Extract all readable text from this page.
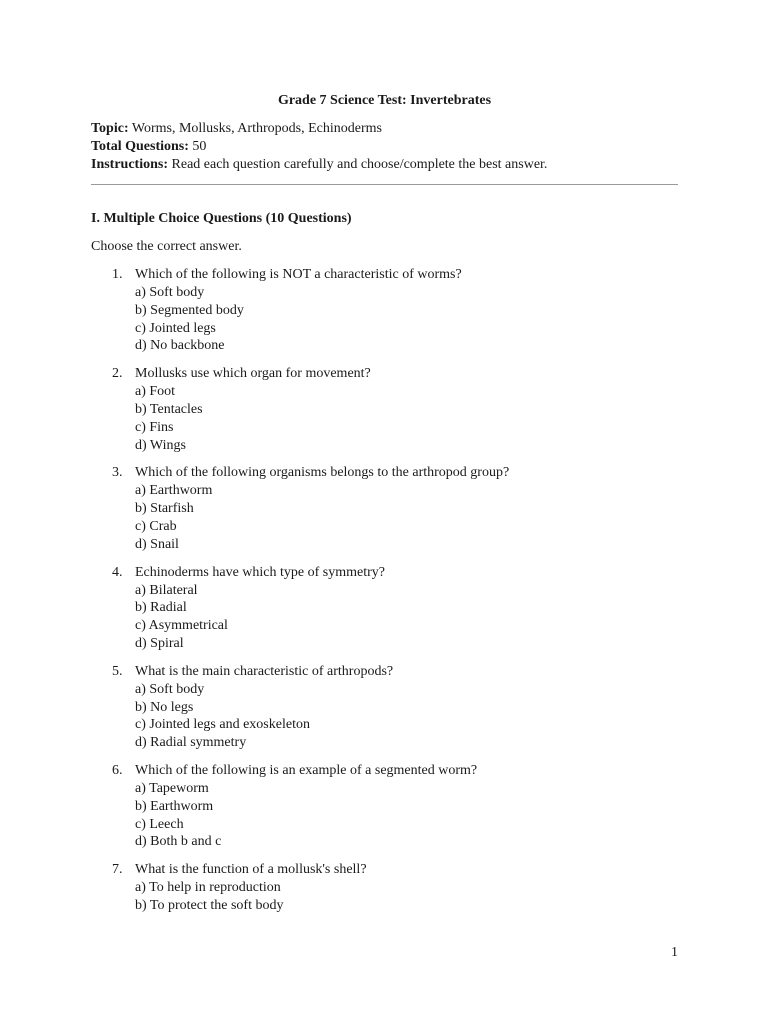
Grade 7 Science Test: Invertebrates

Topic: Worms, Mollusks, Arthropods, Echinoderms

Total Questions: 50

Instructions: Read each question carefully and choose/complete the best answer.

I. Multiple Choice Questions (10 Questions)
Choose the correct answer.
1. Which of the following is NOT a characteristic of worms?
a) Soft body
b) Segmented body
c) Jointed legs
d) No backbone
2. Mollusks use which organ for movement?
a) Foot
b) Tentacles
c) Fins
d) Wings
3. Which of the following organisms belongs to the arthropod group?
a) Earthworm
b) Starfish
c) Crab
d) Snail
4. Echinoderms have which type of symmetry?
a) Bilateral
b) Radial
c) Asymmetrical
d) Spiral
5. What is the main characteristic of arthropods?
a) Soft body
b) No legs
c) Jointed legs and exoskeleton
d) Radial symmetry
6. Which of the following is an example of a segmented worm?
a) Tapeworm
b) Earthworm
c) Leech
d) Both b and c
7. What is the function of a mollusk's shell?
a) To help in reproduction
b) To protect the soft body
1
